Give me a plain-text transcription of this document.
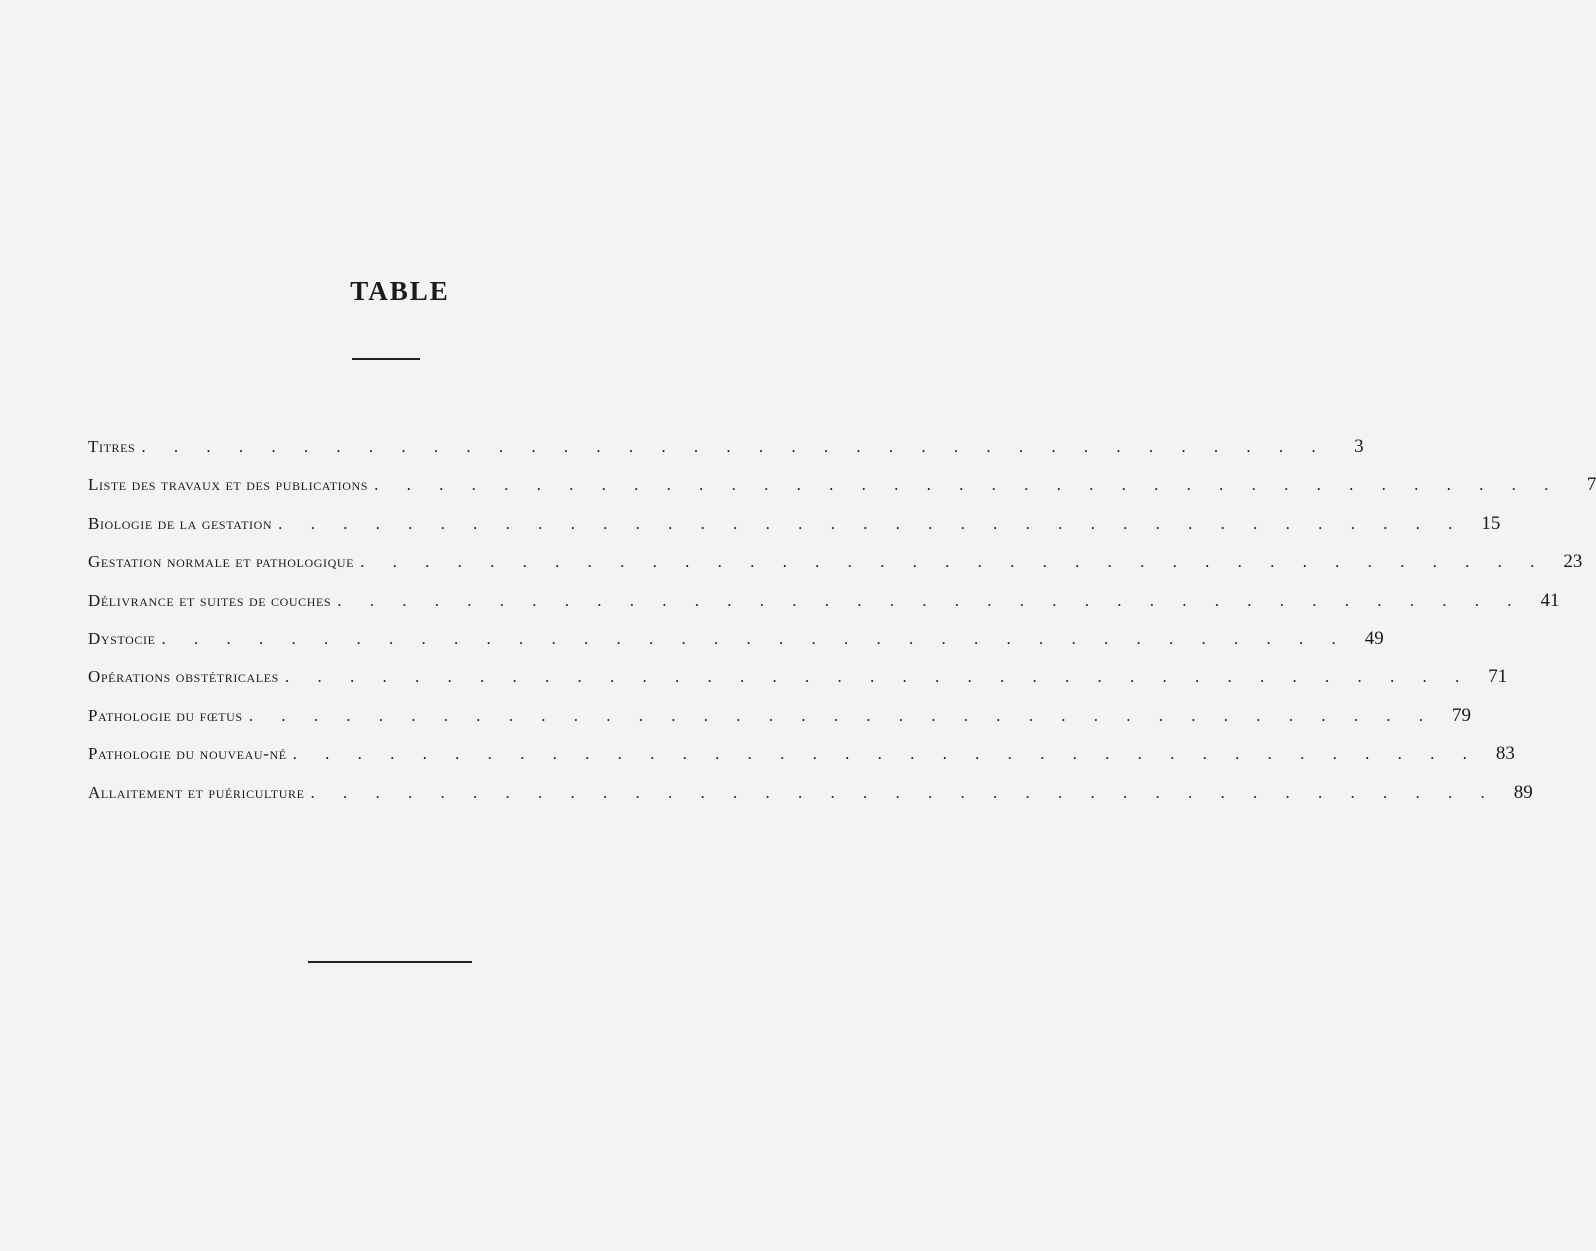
TABLE
Titres . . . . . . . . . . . . . . . . . . . . . . . . . . . . . . . . . . . . .	3
Liste des travaux et des publications . . . . . . . . . . . . . . . . . . . . . . . . . . . . . . . . . . . . .	7
Biologie de la gestation . . . . . . . . . . . . . . . . . . . . . . . . . . . . . . . . . . . . . 15
Gestation normale et pathologique . . . . . . . . . . . . . . . . . . . . . . . . . . . . . . . . . . . . . 23
Délivrance et suites de couches . . . . . . . . . . . . . . . . . . . . . . . . . . . . . . . . . . . . . 41
Dystocie . . . . . . . . . . . . . . . . . . . . . . . . . . . . . . . . . . . . . 49
Opérations obstétricales . . . . . . . . . . . . . . . . . . . . . . . . . . . . . . . . . . . . . 71
Pathologie du fœtus . . . . . . . . . . . . . . . . . . . . . . . . . . . . . . . . . . . . . 79
Pathologie du nouveau-né . . . . . . . . . . . . . . . . . . . . . . . . . . . . . . . . . . . . . 83
Allaitement et puériculture . . . . . . . . . . . . . . . . . . . . . . . . . . . . . . . . . . . . . 89
